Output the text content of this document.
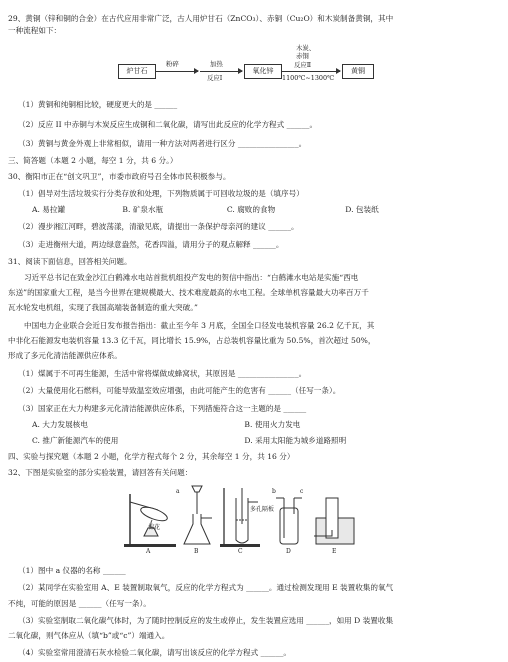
29、黄铜（锌和铜的合金）在古代应用非常广泛，古人用炉甘石（ZnCO₃）、赤铜（Cu₂O）和木炭制备黄铜，其中
一种流程如下：
炉甘石
粉碎	加热
反应Ⅰ
氧化锌
木炭、
赤铜
反应Ⅱ
1100℃~1300℃
黄铜
（1）黄铜和纯铜相比较，硬度更大的是 ______
（2）反应 II 中赤铜与木炭反应生成铜和二氧化碳，请写出此反应的化学方程式 ______。
（3）黄铜与黄金外观上非常相似，请用一种方法对两者进行区分 ________________。
三、简答题（本题 2 小题，每空 1 分，共 6 分。）
30、衡阳市正在“创文巩卫”，市委市政府号召全体市民积极参与。
（1）倡导对生活垃圾实行分类存放和处理，下列物质属于可回收垃圾的是（填序号）
A. 易拉罐	B. 矿泉水瓶	C. 腐败的食物	D. 包装纸
（2）漫步湘江河畔，碧波荡漾，清澈见底，请提出一条保护母亲河的建议 ______。
（3）走进衡州大道，两边绿意盎然，花香四溢，请用分子的观点解释 ______。
31、阅读下面信息，回答相关问题。
习近平总书记在致金沙江白鹤滩水电站首批机组投产发电的贺信中指出：“白鹤滩水电站是实施“西电
东送”的国家重大工程，是当今世界在建规模最大、技术难度最高的水电工程。全球单机容量最大功率百万千
瓦水轮发电机组，实现了我国高端装备制造的重大突破。”
中国电力企业联合会近日发布报告指出：截止至今年 3 月底，全国全口径发电装机容量 26.2 亿千瓦，其
中非化石能源发电装机容量 13.3 亿千瓦，同比增长 15.9%，占总装机容量比重为 50.5%，首次超过 50%，
形成了多元化清洁能源供应体系。
（1）煤属于不可再生能源，生活中常将煤做成蜂窝状，其原因是 ________________。
（2）大量使用化石燃料，可能导致温室效应增强，由此可能产生的危害有 ______（任写一条）。
（3）国家正在大力构建多元化清洁能源供应体系，下列措施符合这一主题的是 ______
A. 大力发展核电	B. 使用火力发电
C. 推广新能源汽车的使用	D. 采用太阳能为城乡道路照明
四、实验与探究题（本题 2 小题，化学方程式每个 2 分，其余每空 1 分，共 16 分）
32、下图是实验室的部分实验装置，请回答有关问题：
a
棉花
多孔隔板
b	c
A	B	C	D	E
（1）图中 a 仪器的名称 ______
（2）某同学在实验室用 A、E 装置制取氧气，反应的化学方程式为 ______。通过检测发现用 E 装置收集的氧气
不纯，可能的原因是 ______（任写一条）。
（3）实验室制取二氧化碳气体时，为了随时控制反应的发生或停止，发生装置应选用 ______，如用 D 装置收集
二氧化碳，则气体应从（填“b”或“c”）端通入。
（4）实验室常用澄清石灰水检验二氧化碳，请写出该反应的化学方程式 ______。
